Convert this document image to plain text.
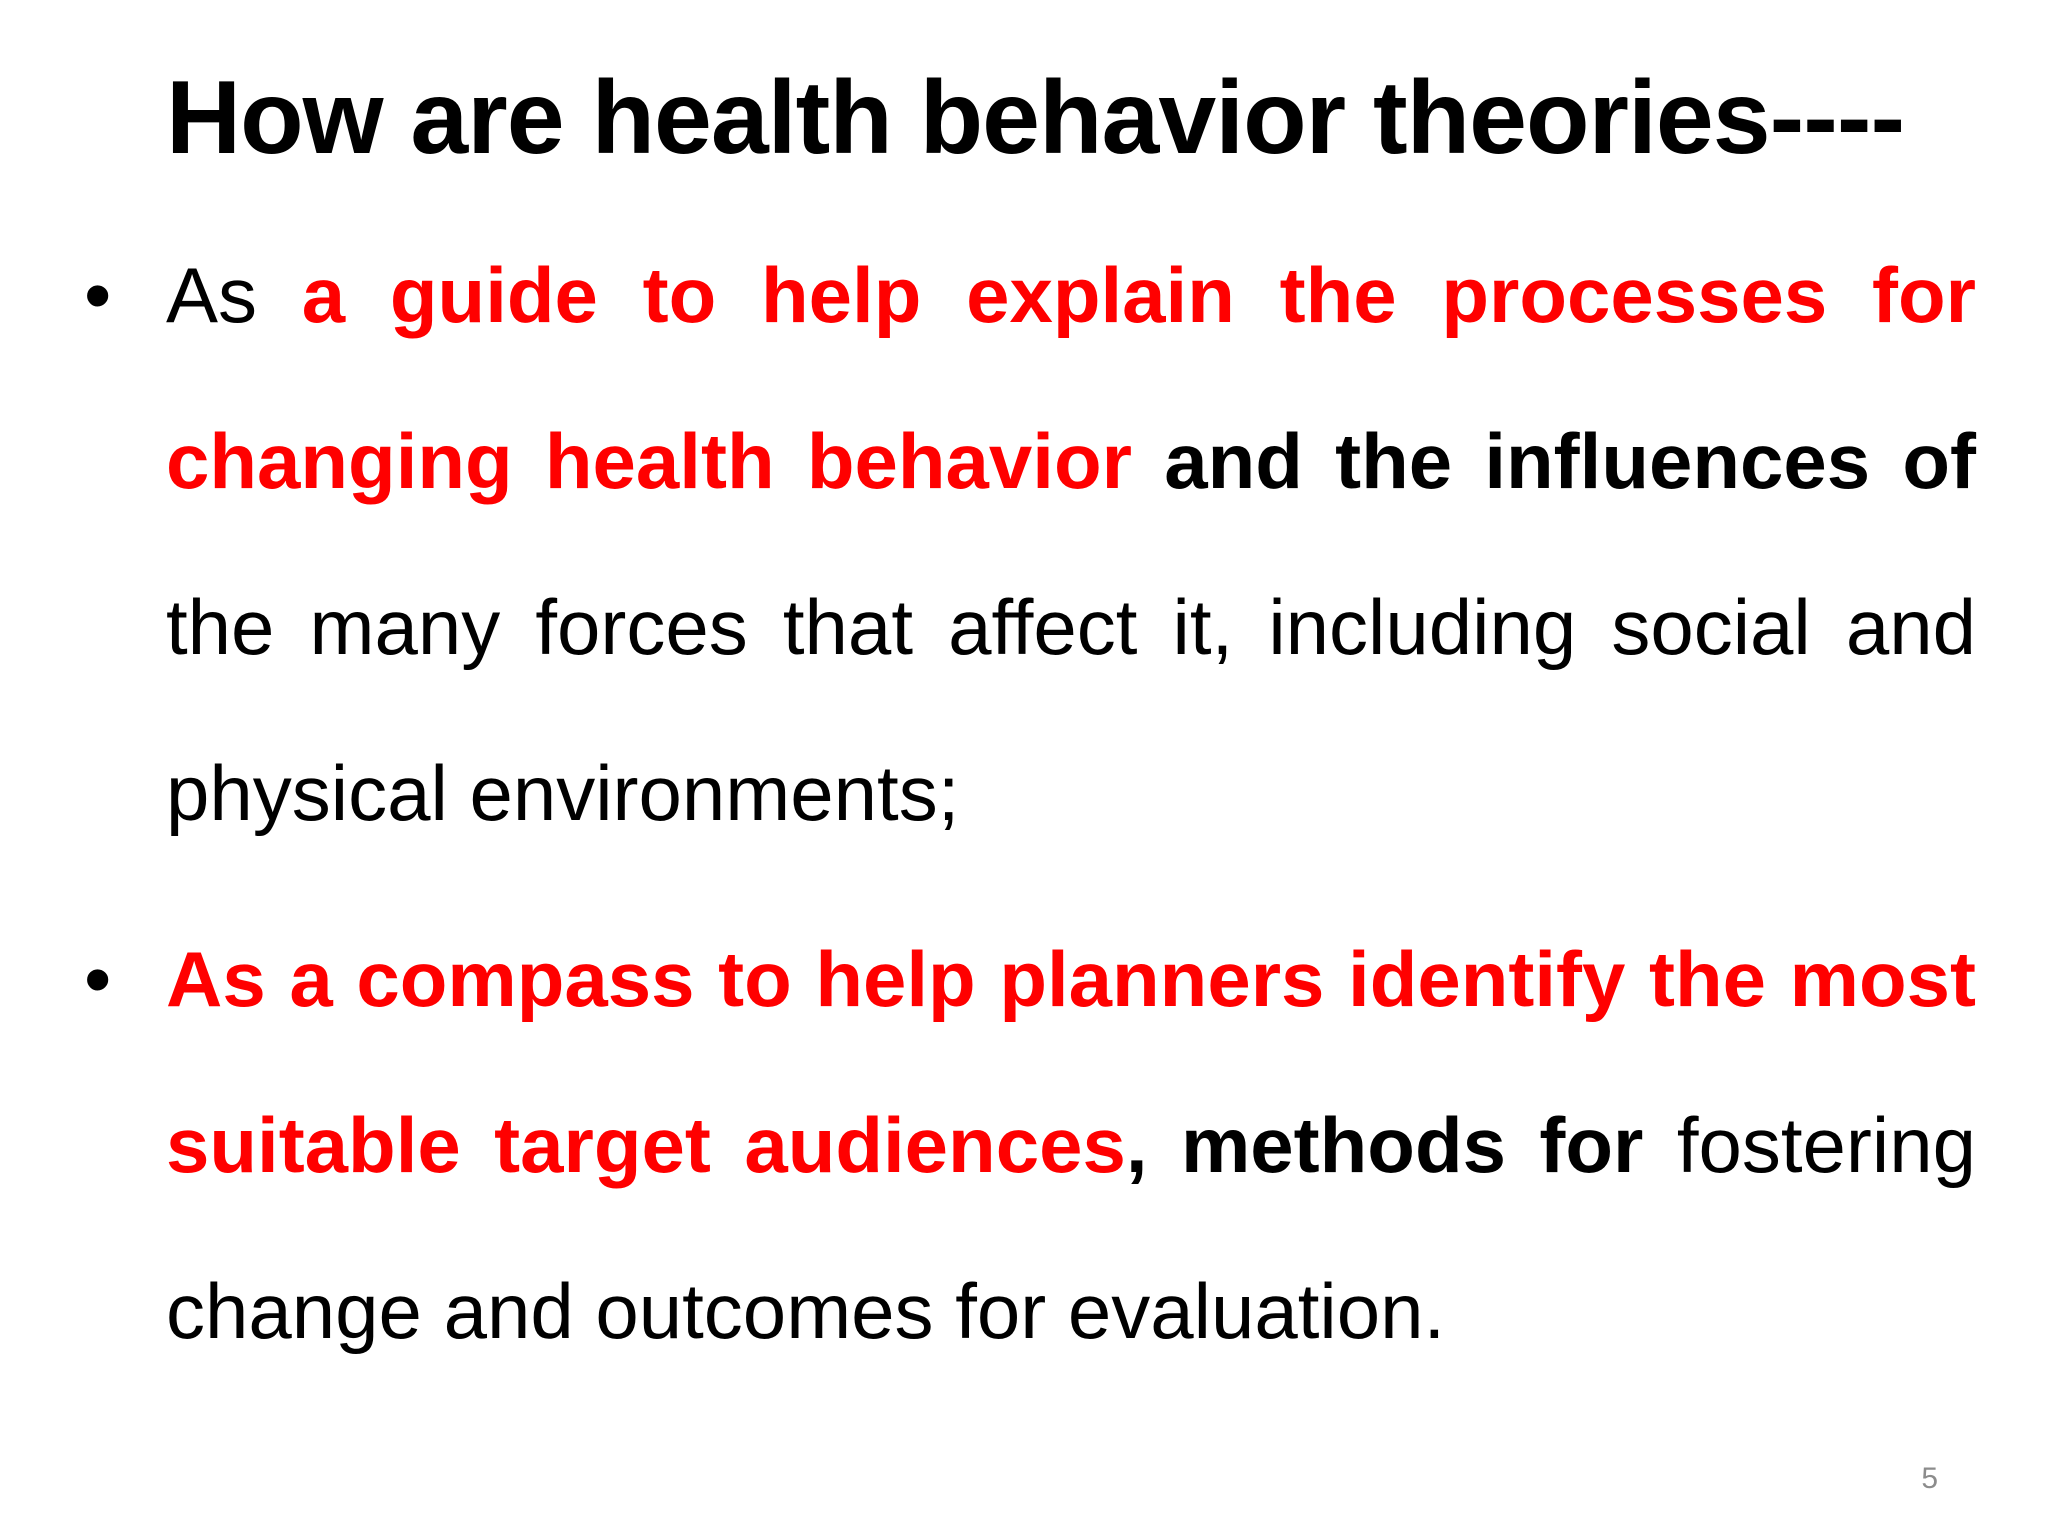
How are health behavior theories----

• As a guide to help explain the processes for changing health behavior and the influences of the many forces that affect it, including social and physical environments;

• As a compass to help planners identify the most suitable target audiences, methods for fostering change and outcomes for evaluation.

5
